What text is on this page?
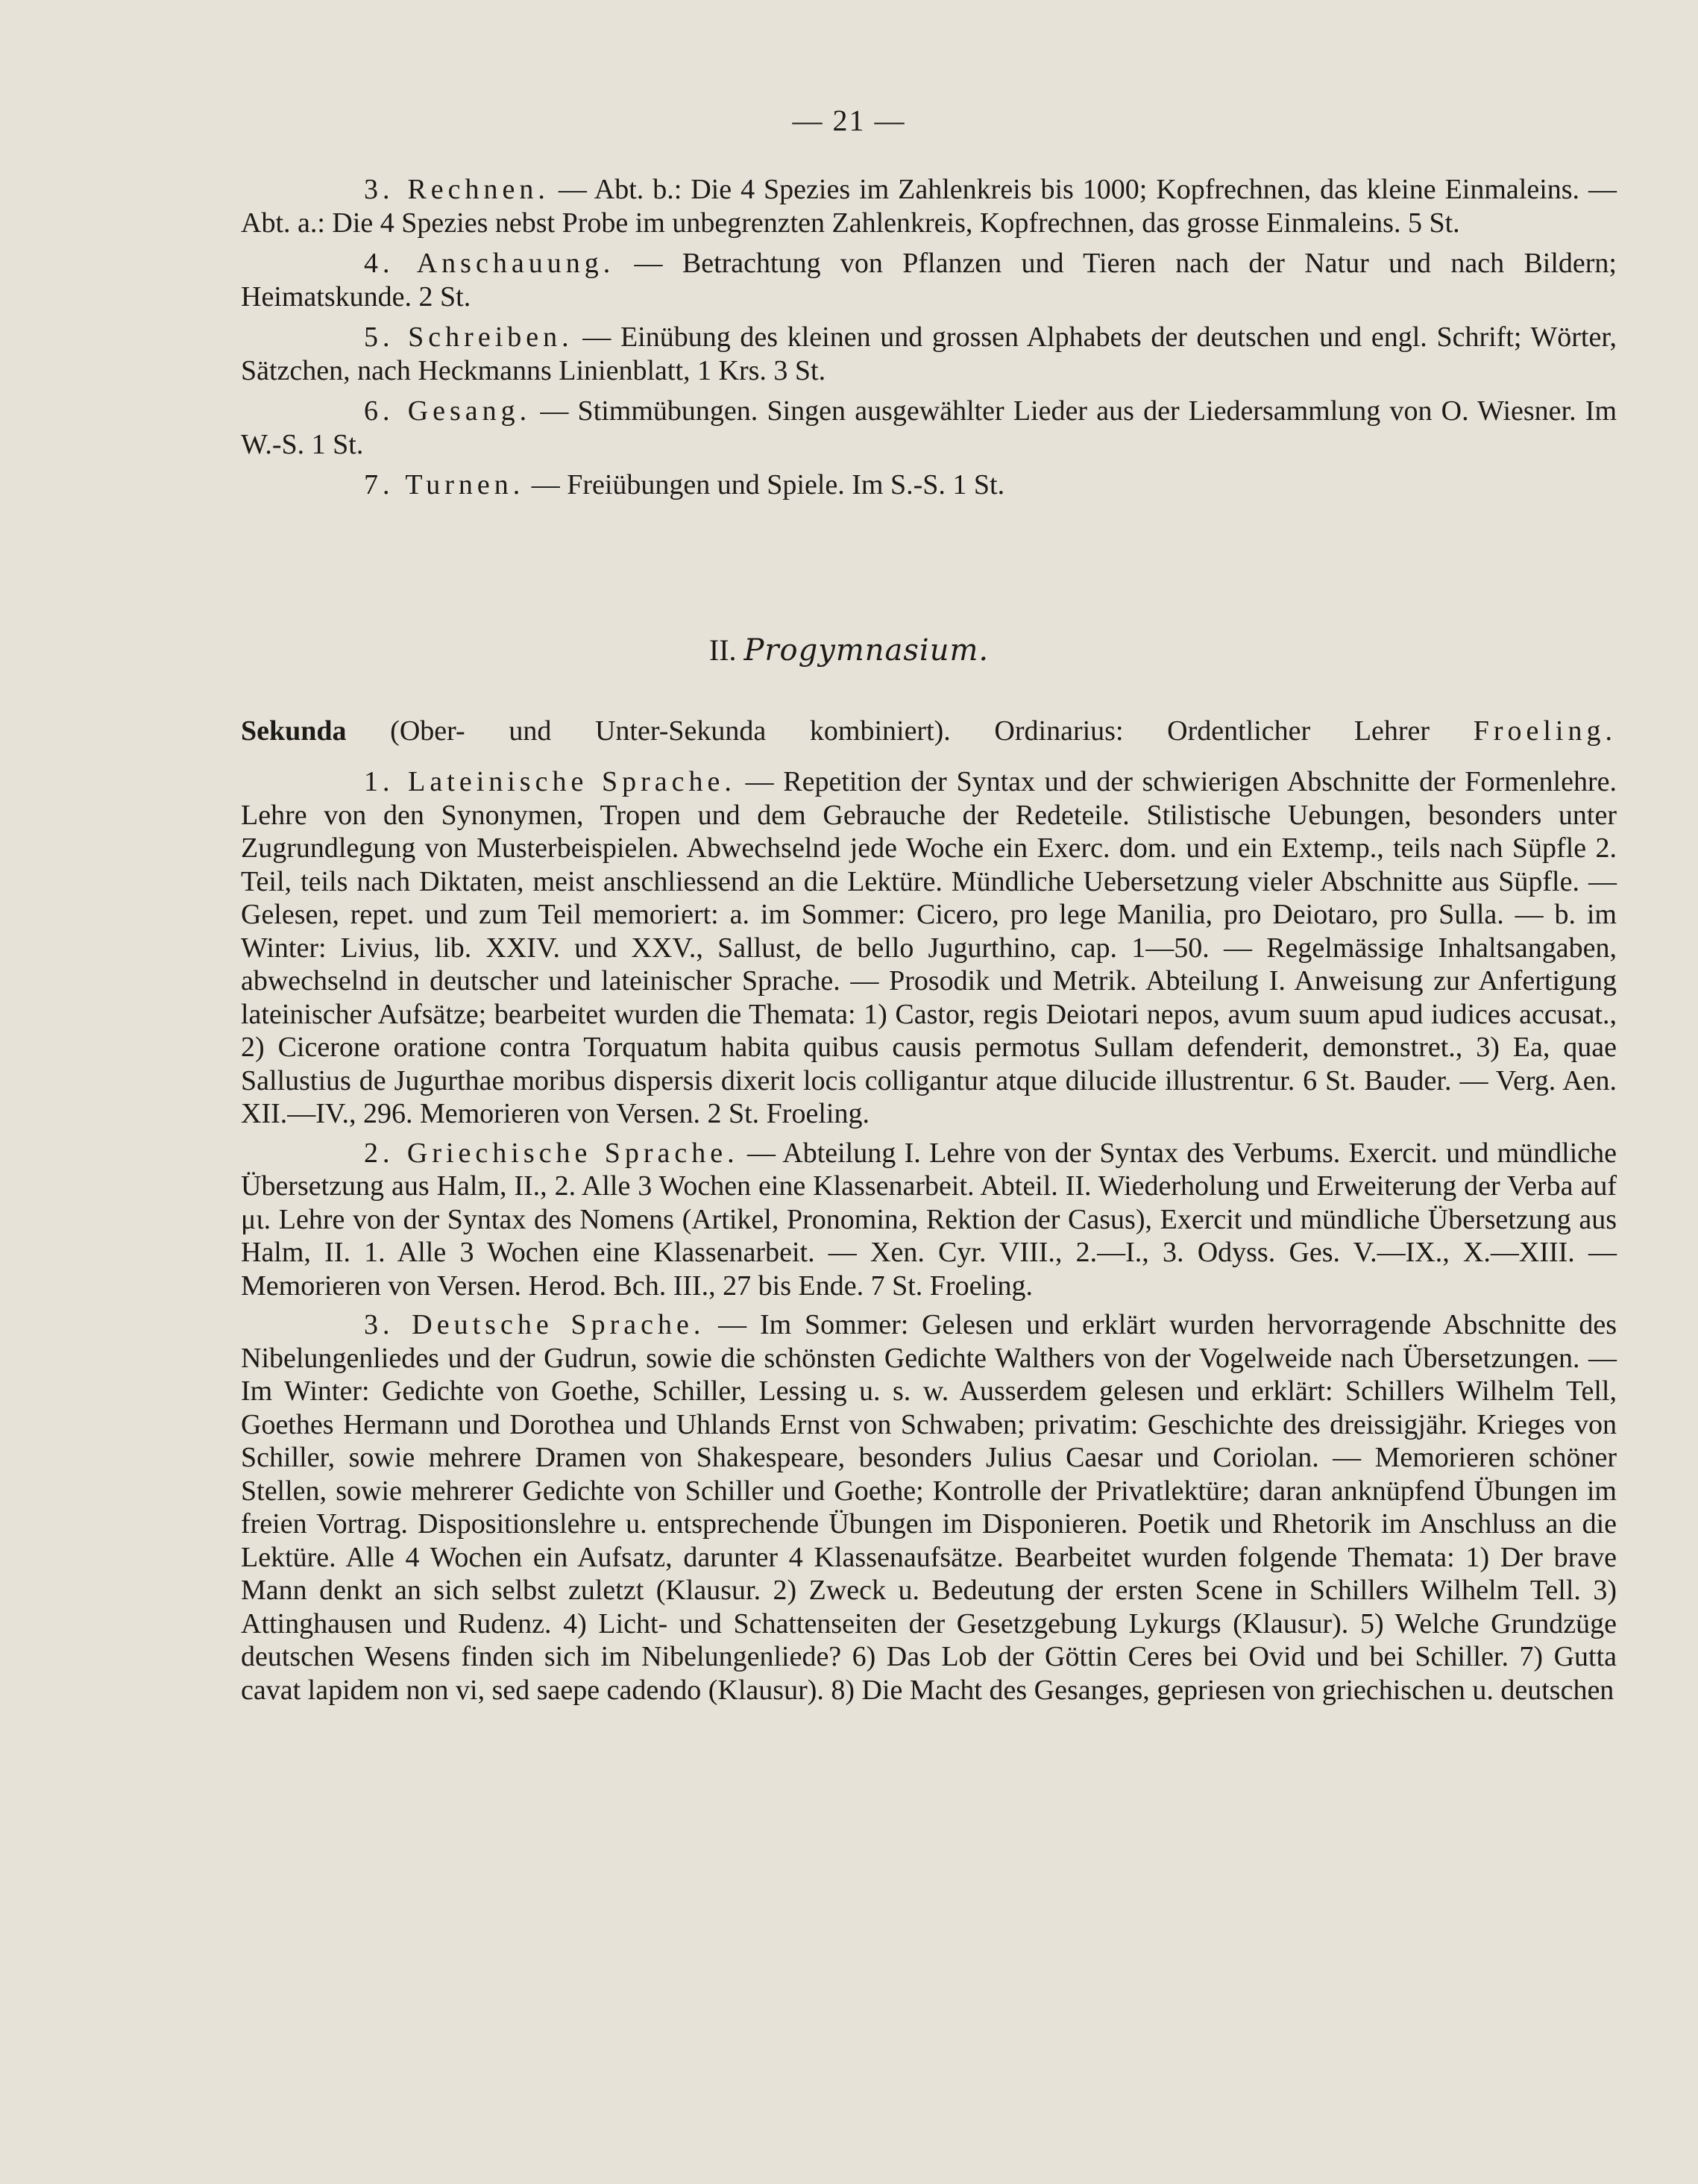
— 21 —

3. Rechnen. — Abt. b.: Die 4 Spezies im Zahlenkreis bis 1000; Kopfrechnen, das kleine Einmaleins. — Abt. a.: Die 4 Spezies nebst Probe im unbegrenzten Zahlenkreis, Kopfrechnen, das grosse Einmaleins. 5 St.

4. Anschauung. — Betrachtung von Pflanzen und Tieren nach der Natur und nach Bildern; Heimatskunde. 2 St.

5. Schreiben. — Einübung des kleinen und grossen Alphabets der deutschen und engl. Schrift; Wörter, Sätzchen, nach Heckmanns Linienblatt, 1 Krs. 3 St.

6. Gesang. — Stimmübungen. Singen ausgewählter Lieder aus der Liedersammlung von O. Wiesner. Im W.-S. 1 St.

7. Turnen. — Freiübungen und Spiele. Im S.-S. 1 St.

II. Progymnasium.
Sekunda (Ober- und Unter-Sekunda kombiniert). Ordinarius: Ordentlicher Lehrer Froeling.

1. Lateinische Sprache. — Repetition der Syntax und der schwierigen Abschnitte der Formenlehre. Lehre von den Synonymen, Tropen und dem Gebrauche der Redeteile. Stilistische Uebungen, besonders unter Zugrundlegung von Musterbeispielen. Abwechselnd jede Woche ein Exerc. dom. und ein Extemp., teils nach Süpfle 2. Teil, teils nach Diktaten, meist anschliessend an die Lektüre. Mündliche Uebersetzung vieler Abschnitte aus Süpfle. — Gelesen, repet. und zum Teil memoriert: a. im Sommer: Cicero, pro lege Manilia, pro Deiotaro, pro Sulla. — b. im Winter: Livius, lib. XXIV. und XXV., Sallust, de bello Jugurthino, cap. 1—50. — Regelmässige Inhaltsangaben, abwechselnd in deutscher und lateinischer Sprache. — Prosodik und Metrik. Abteilung I. Anweisung zur Anfertigung lateinischer Aufsätze; bearbeitet wurden die Themata: 1) Castor, regis Deiotari nepos, avum suum apud iudices accusat., 2) Cicerone oratione contra Torquatum habita quibus causis permotus Sullam defenderit, demonstret., 3) Ea, quae Sallustius de Jugurthae moribus dispersis dixerit locis colligantur atque dilucide illustrentur. 6 St. Bauder. — Verg. Aen. XII.—IV., 296. Memorieren von Versen. 2 St. Froeling.

2. Griechische Sprache. — Abteilung I. Lehre von der Syntax des Verbums. Exercit. und mündliche Übersetzung aus Halm, II., 2. Alle 3 Wochen eine Klassenarbeit. Abteil. II. Wiederholung und Erweiterung der Verba auf μι. Lehre von der Syntax des Nomens (Artikel, Pronomina, Rektion der Casus), Exercit und mündliche Übersetzung aus Halm, II. 1. Alle 3 Wochen eine Klassenarbeit. — Xen. Cyr. VIII., 2.—I., 3. Odyss. Ges. V.—IX., X.—XIII. — Memorieren von Versen. Herod. Bch. III., 27 bis Ende. 7 St. Froeling.

3. Deutsche Sprache. — Im Sommer: Gelesen und erklärt wurden hervorragende Abschnitte des Nibelungenliedes und der Gudrun, sowie die schönsten Gedichte Walthers von der Vogelweide nach Übersetzungen. — Im Winter: Gedichte von Goethe, Schiller, Lessing u. s. w. Ausserdem gelesen und erklärt: Schillers Wilhelm Tell, Goethes Hermann und Dorothea und Uhlands Ernst von Schwaben; privatim: Geschichte des dreissigjähr. Krieges von Schiller, sowie mehrere Dramen von Shakespeare, besonders Julius Caesar und Coriolan. — Memorieren schöner Stellen, sowie mehrerer Gedichte von Schiller und Goethe; Kontrolle der Privatlektüre; daran anknüpfend Übungen im freien Vortrag. Dispositionslehre u. entsprechende Übungen im Disponieren. Poetik und Rhetorik im Anschluss an die Lektüre. Alle 4 Wochen ein Aufsatz, darunter 4 Klassenaufsätze. Bearbeitet wurden folgende Themata: 1) Der brave Mann denkt an sich selbst zuletzt (Klausur. 2) Zweck u. Bedeutung der ersten Scene in Schillers Wilhelm Tell. 3) Attinghausen und Rudenz. 4) Licht- und Schattenseiten der Gesetzgebung Lykurgs (Klausur). 5) Welche Grundzüge deutschen Wesens finden sich im Nibelungenliede? 6) Das Lob der Göttin Ceres bei Ovid und bei Schiller. 7) Gutta cavat lapidem non vi, sed saepe cadendo (Klausur). 8) Die Macht des Gesanges, gepriesen von griechischen u. deutschen
